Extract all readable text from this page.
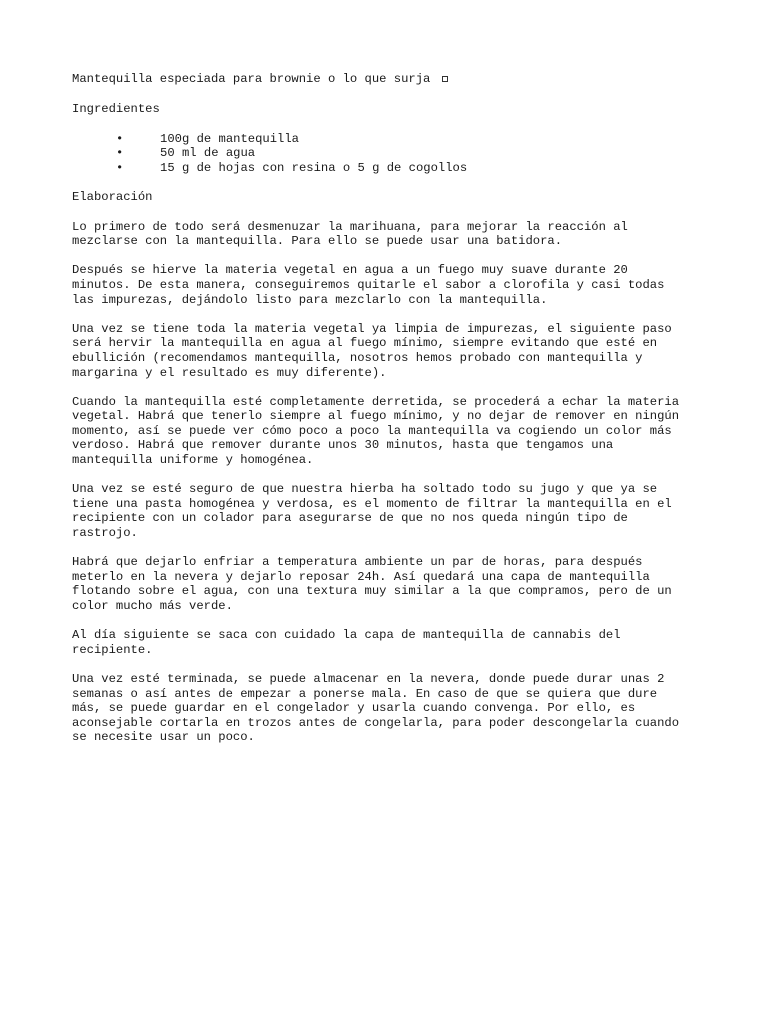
Mantequilla especiada para brownie o lo que surja
Ingredientes
•	100g de mantequilla
•	50 ml de agua
•	15 g de hojas con resina o 5 g de cogollos
Elaboración

Lo primero de todo será desmenuzar la marihuana, para mejorar la reacción al
mezclarse con la mantequilla. Para ello se puede usar una batidora.

Después se hierve la materia vegetal en agua a un fuego muy suave durante 20
minutos. De esta manera, conseguiremos quitarle el sabor a clorofila y casi todas
las impurezas, dejándolo listo para mezclarlo con la mantequilla.

Una vez se tiene toda la materia vegetal ya limpia de impurezas, el siguiente paso
será hervir la mantequilla en agua al fuego mínimo, siempre evitando que esté en
ebullición (recomendamos mantequilla, nosotros hemos probado con mantequilla y
margarina y el resultado es muy diferente).

Cuando la mantequilla esté completamente derretida, se procederá a echar la materia
vegetal. Habrá que tenerlo siempre al fuego mínimo, y no dejar de remover en ningún
momento, así se puede ver cómo poco a poco la mantequilla va cogiendo un color más
verdoso. Habrá que remover durante unos 30 minutos, hasta que tengamos una
mantequilla uniforme y homogénea.

Una vez se esté seguro de que nuestra hierba ha soltado todo su jugo y que ya se
tiene una pasta homogénea y verdosa, es el momento de filtrar la mantequilla en el
recipiente con un colador para asegurarse de que no nos queda ningún tipo de
rastrojo.

Habrá que dejarlo enfriar a temperatura ambiente un par de horas, para después
meterlo en la nevera y dejarlo reposar 24h. Así quedará una capa de mantequilla
flotando sobre el agua, con una textura muy similar a la que compramos, pero de un
color mucho más verde.

Al día siguiente se saca con cuidado la capa de mantequilla de cannabis del
recipiente.

Una vez esté terminada, se puede almacenar en la nevera, donde puede durar unas 2
semanas o así antes de empezar a ponerse mala. En caso de que se quiera que dure
más, se puede guardar en el congelador y usarla cuando convenga. Por ello, es
aconsejable cortarla en trozos antes de congelarla, para poder descongelarla cuando
se necesite usar un poco.
